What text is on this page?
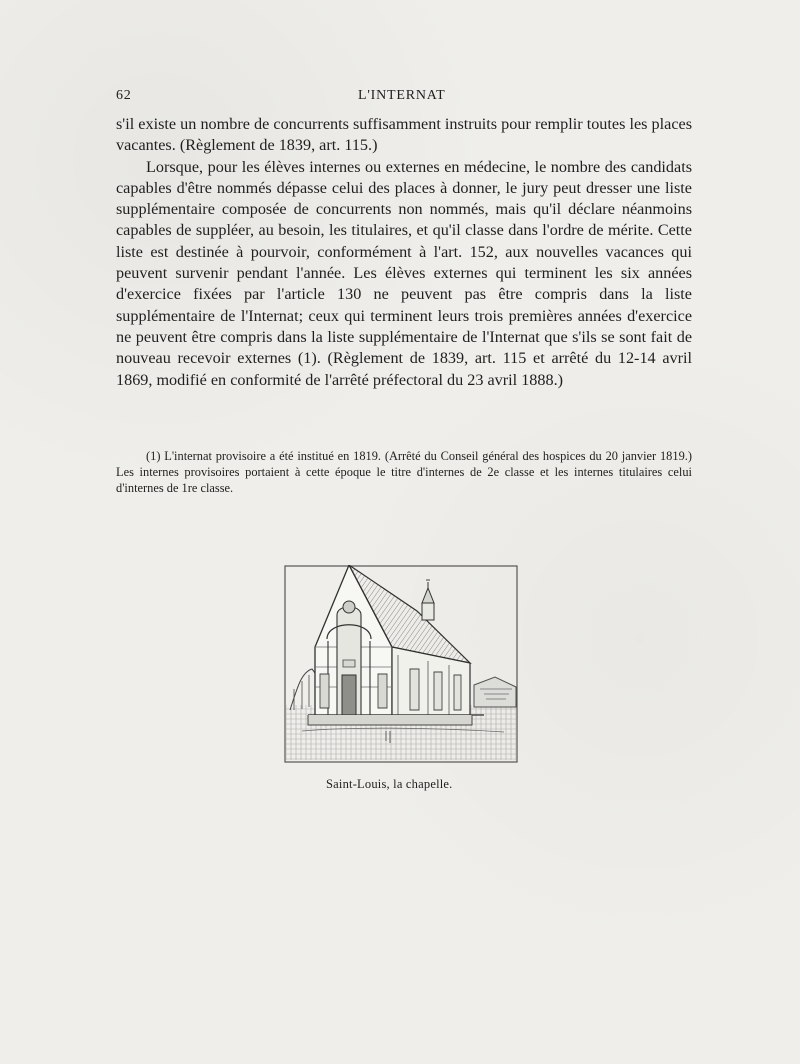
62	L'INTERNAT

s'il existe un nombre de concurrents suffisamment instruits pour remplir toutes les places vacantes. (Règlement de 1839, art. 115.)

Lorsque, pour les élèves internes ou externes en médecine, le nombre des candidats capables d'être nommés dépasse celui des places à donner, le jury peut dresser une liste supplémentaire composée de concurrents non nommés, mais qu'il déclare néanmoins capables de suppléer, au besoin, les titulaires, et qu'il classe dans l'ordre de mérite. Cette liste est destinée à pourvoir, conformément à l'art. 152, aux nouvelles vacances qui peuvent survenir pendant l'année. Les élèves externes qui terminent les six années d'exercice fixées par l'article 130 ne peuvent pas être compris dans la liste supplémentaire de l'Internat; ceux qui terminent leurs trois premières années d'exercice ne peuvent être compris dans la liste supplémentaire de l'Internat que s'ils se sont fait de nouveau recevoir externes (1). (Règlement de 1839, art. 115 et arrêté du 12-14 avril 1869, modifié en conformité de l'arrêté préfectoral du 23 avril 1888.)

(1) L'internat provisoire a été institué en 1819. (Arrêté du Conseil général des hospices du 20 janvier 1819.) Les internes provisoires portaient à cette époque le titre d'internes de 2e classe et les internes titulaires celui d'internes de 1re classe.

Saint-Louis, la chapelle.
